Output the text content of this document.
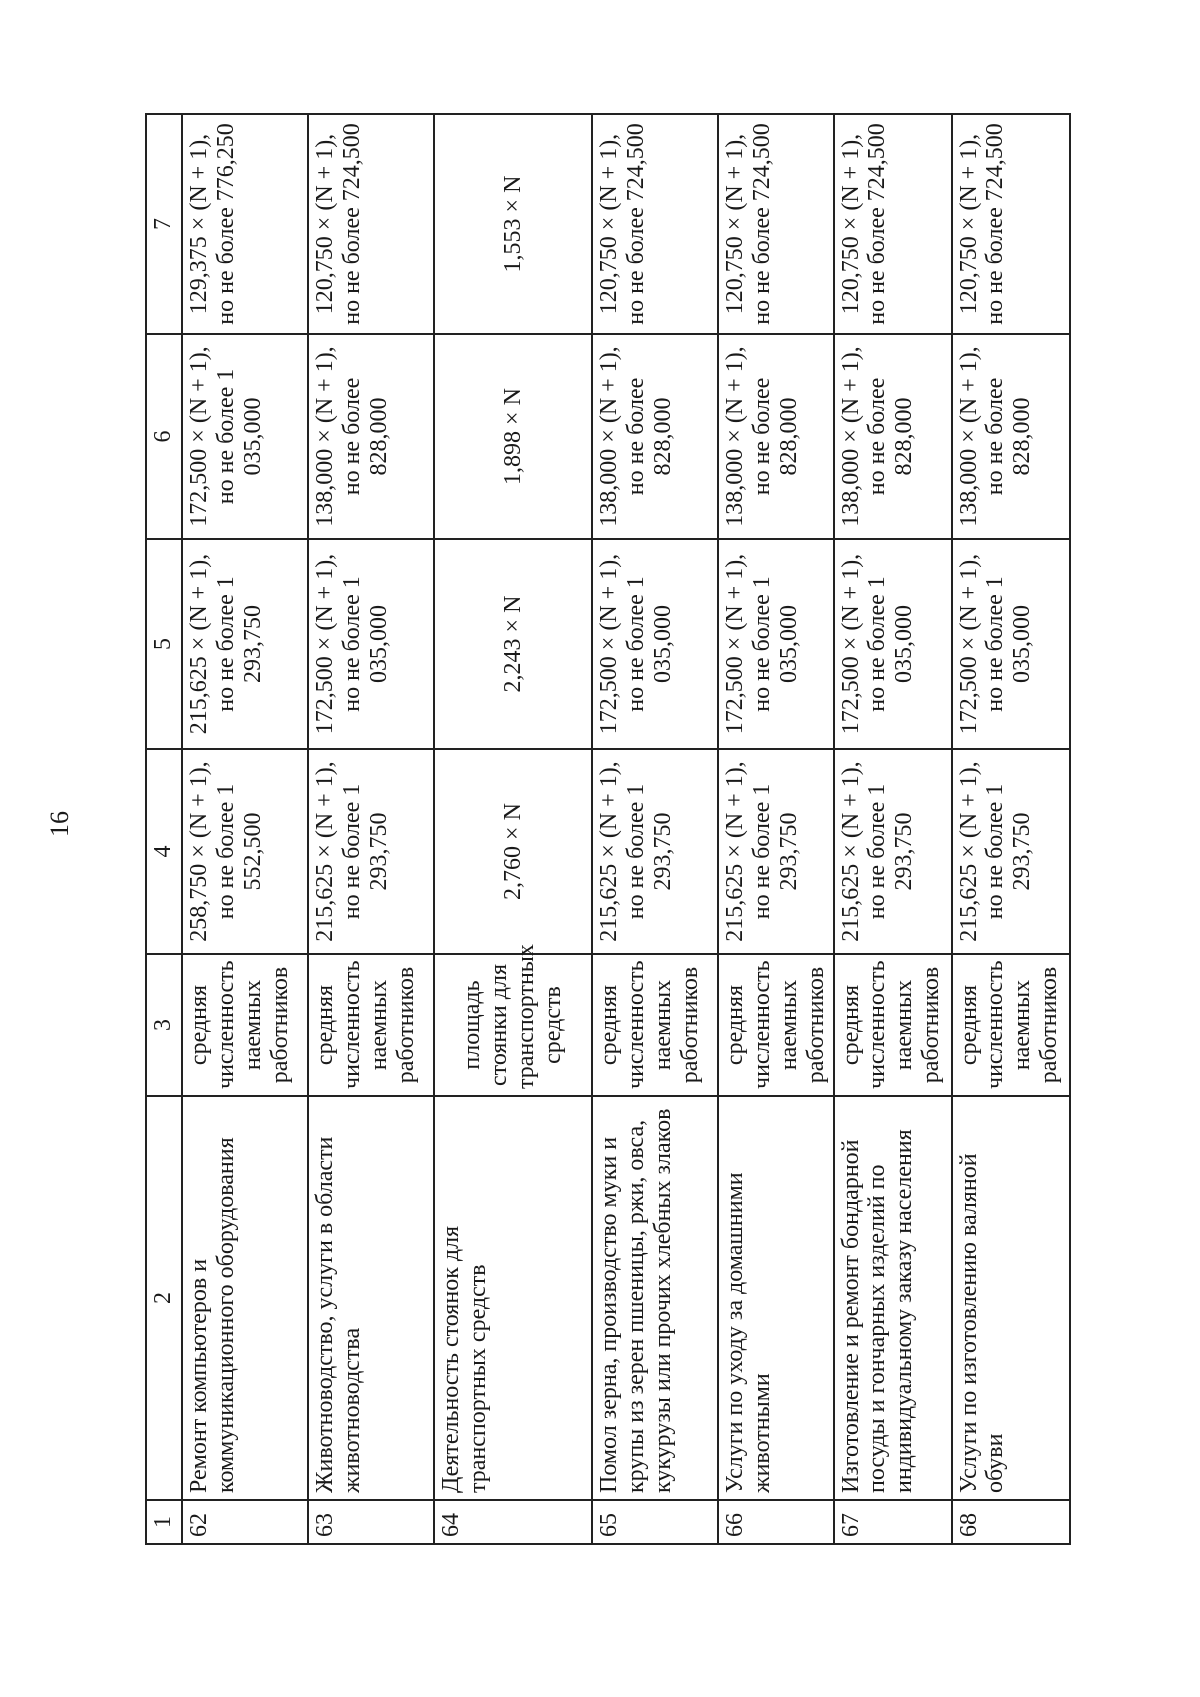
16
1	2	3	4	5	6	7
62	Ремонт компьютеров и коммуникационного оборудования	средняя численность наемных работников	258,750 × (N + 1), но не более 1 552,500	215,625 × (N + 1), но не более 1 293,750	172,500 × (N + 1), но не более 1 035,000	129,375 × (N + 1), но не более 776,250
63	Животноводство, услуги в области животноводства	средняя численность наемных работников	215,625 × (N + 1), но не более 1 293,750	172,500 × (N + 1), но не более 1 035,000	138,000 × (N + 1), но не более 828,000	120,750 × (N + 1), но не более 724,500
64	Деятельность стоянок для транспортных средств	площадь стоянки для транспортных средств	2,760 × N	2,243 × N	1,898 × N	1,553 × N
65	Помол зерна, производство муки и крупы из зерен пшеницы, ржи, овса, кукурузы или прочих хлебных злаков	средняя численность наемных работников	215,625 × (N + 1), но не более 1 293,750	172,500 × (N + 1), но не более 1 035,000	138,000 × (N + 1), но не более 828,000	120,750 × (N + 1), но не более 724,500
66	Услуги по уходу за домашними животными	средняя численность наемных работников	215,625 × (N + 1), но не более 1 293,750	172,500 × (N + 1), но не более 1 035,000	138,000 × (N + 1), но не более 828,000	120,750 × (N + 1), но не более 724,500
67	Изготовление и ремонт бондарной посуды и гончарных изделий по индивидуальному заказу населения	средняя численность наемных работников	215,625 × (N + 1), но не более 1 293,750	172,500 × (N + 1), но не более 1 035,000	138,000 × (N + 1), но не более 828,000	120,750 × (N + 1), но не более 724,500
68	Услуги по изготовлению валяной обуви	средняя численность наемных работников	215,625 × (N + 1), но не более 1 293,750	172,500 × (N + 1), но не более 1 035,000	138,000 × (N + 1), но не более 828,000	120,750 × (N + 1), но не более 724,500
